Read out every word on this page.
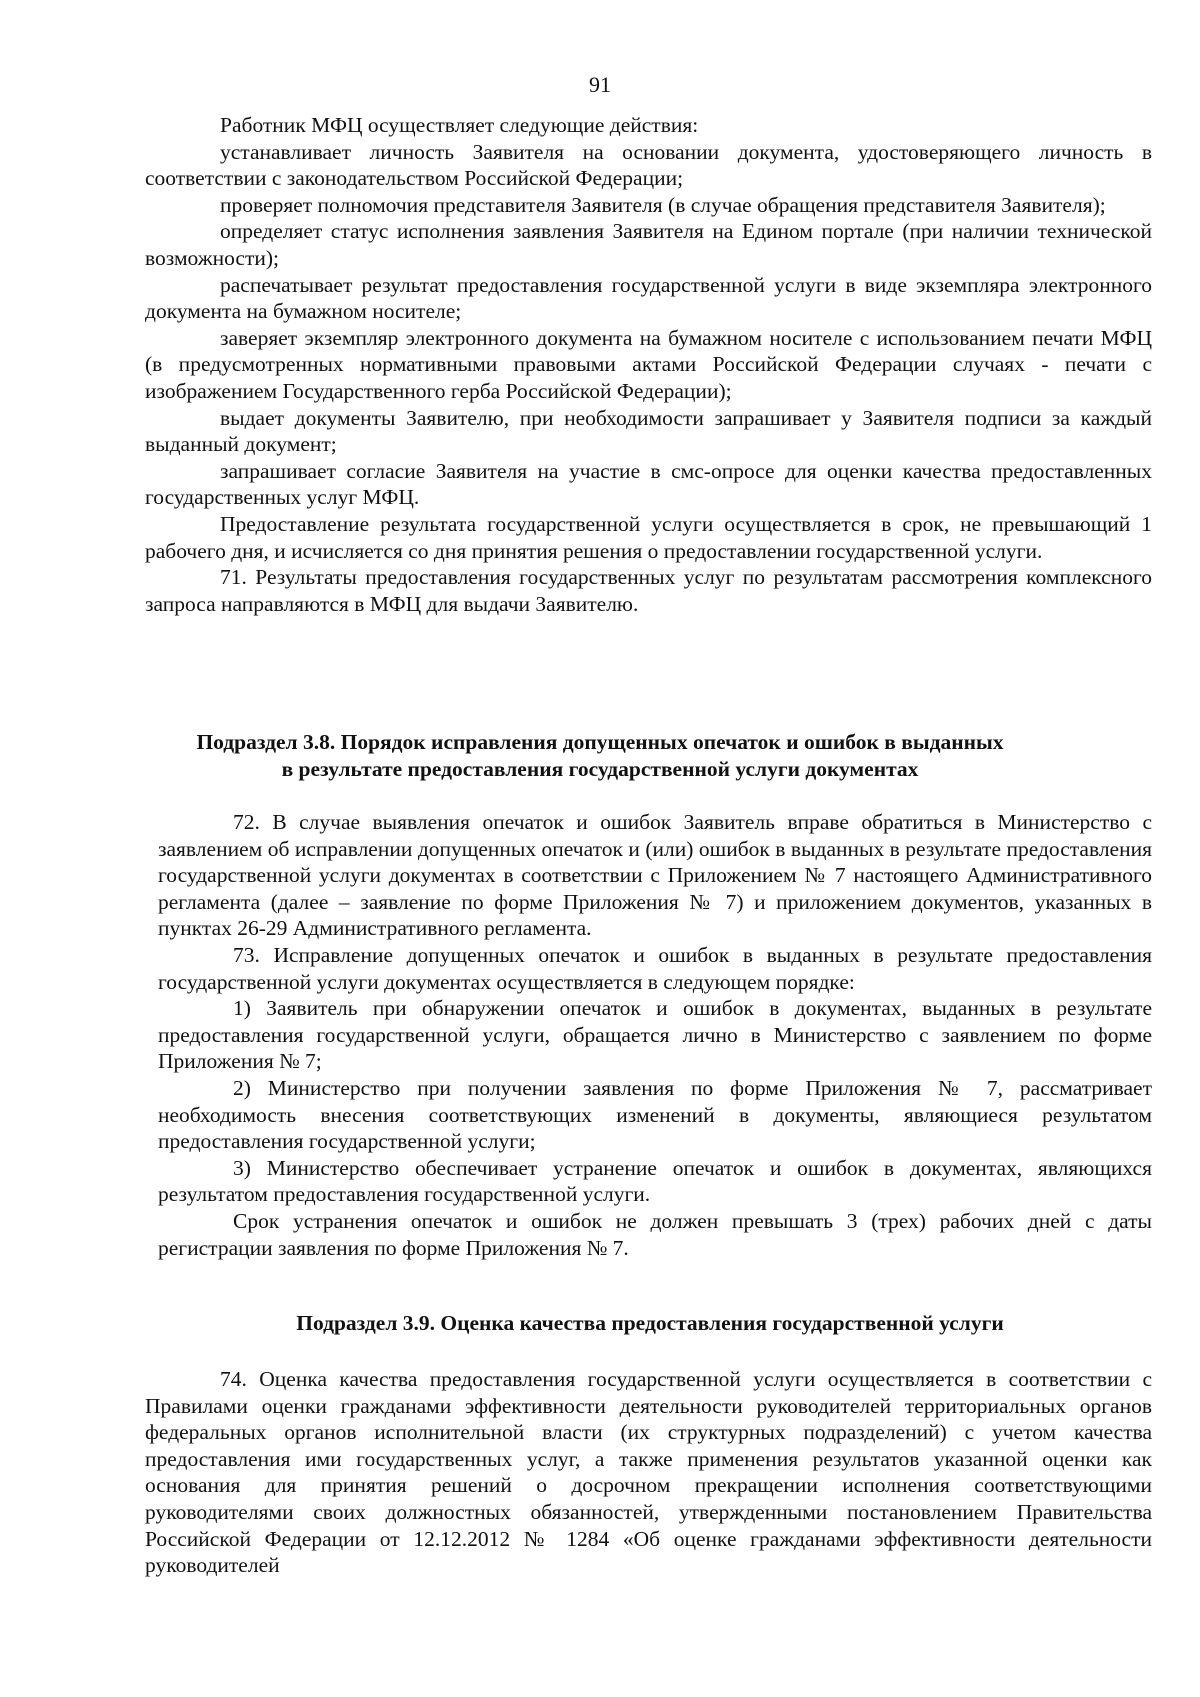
91

Работник МФЦ осуществляет следующие действия:

устанавливает личность Заявителя на основании документа, удостоверяющего личность в соответствии с законодательством Российской Федерации;

проверяет полномочия представителя Заявителя (в случае обращения представителя Заявителя);

определяет статус исполнения заявления Заявителя на Едином портале (при наличии технической возможности);

распечатывает результат предоставления государственной услуги в виде экземпляра электронного документа на бумажном носителе;

заверяет экземпляр электронного документа на бумажном носителе с использованием печати МФЦ (в предусмотренных нормативными правовыми актами Российской Федерации случаях - печати с изображением Государственного герба Российской Федерации);

выдает документы Заявителю, при необходимости запрашивает у Заявителя подписи за каждый выданный документ;

запрашивает согласие Заявителя на участие в смс-опросе для оценки качества предоставленных государственных услуг МФЦ.

Предоставление результата государственной услуги осуществляется в срок, не превышающий 1 рабочего дня, и исчисляется со дня принятия решения о предоставлении государственной услуги.

71. Результаты предоставления государственных услуг по результатам рассмотрения комплексного запроса направляются в МФЦ для выдачи Заявителю.

Подраздел 3.8. Порядок исправления допущенных опечаток и ошибок в выданных
в результате предоставления государственной услуги документах

72. В случае выявления опечаток и ошибок Заявитель вправе обратиться в Министерство с заявлением об исправлении допущенных опечаток и (или) ошибок в выданных в результате предоставления государственной услуги документах в соответствии с Приложением № 7 настоящего Административного регламента (далее – заявление по форме Приложения № 7) и приложением документов, указанных в пунктах 26-29 Административного регламента.

73. Исправление допущенных опечаток и ошибок в выданных в результате предоставления государственной услуги документах осуществляется в следующем порядке:

1) Заявитель при обнаружении опечаток и ошибок в документах, выданных в результате предоставления государственной услуги, обращается лично в Министерство с заявлением по форме Приложения № 7;

2) Министерство при получении заявления по форме Приложения № 7, рассматривает необходимость внесения соответствующих изменений в документы, являющиеся результатом предоставления государственной услуги;

3) Министерство обеспечивает устранение опечаток и ошибок в документах, являющихся результатом предоставления государственной услуги.

Срок устранения опечаток и ошибок не должен превышать 3 (трех) рабочих дней с даты регистрации заявления по форме Приложения № 7.

Подраздел 3.9. Оценка качества предоставления государственной услуги

74. Оценка качества предоставления государственной услуги осуществляется в соответствии с Правилами оценки гражданами эффективности деятельности руководителей территориальных органов федеральных органов исполнительной власти (их структурных подразделений) с учетом качества предоставления ими государственных услуг, а также применения результатов указанной оценки как основания для принятия решений о досрочном прекращении исполнения соответствующими руководителями своих должностных обязанностей, утвержденными постановлением Правительства Российской Федерации от 12.12.2012 № 1284 «Об оценке гражданами эффективности деятельности руководителей
